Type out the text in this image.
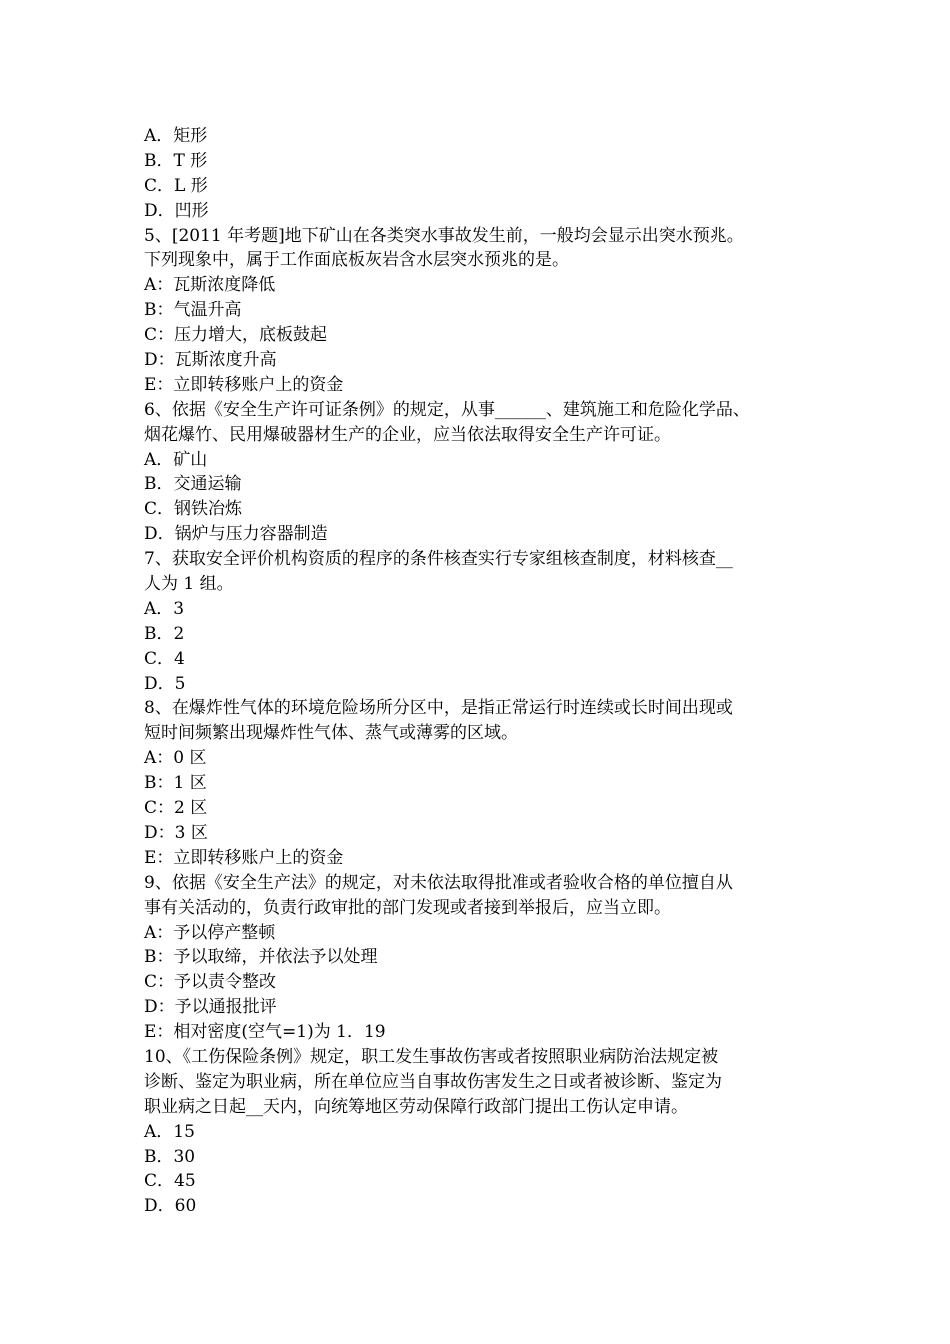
A．矩形
B．T 形
C．L 形
D．凹形
5、[2011 年考题]地下矿山在各类突水事故发生前，一般均会显示出突水预兆。
下列现象中，属于工作面底板灰岩含水层突水预兆的是。
A：瓦斯浓度降低
B：气温升高
C：压力增大，底板鼓起
D：瓦斯浓度升高
E：立即转移账户上的资金
6、依据《安全生产许可证条例》的规定，从事______、建筑施工和危险化学品、
烟花爆竹、民用爆破器材生产的企业，应当依法取得安全生产许可证。
A．矿山
B．交通运输
C．钢铁冶炼
D．锅炉与压力容器制造
7、获取安全评价机构资质的程序的条件核查实行专家组核查制度，材料核查__
人为 1 组。
A．3
B．2
C．4
D．5
8、在爆炸性气体的环境危险场所分区中，是指正常运行时连续或长时间出现或
短时间频繁出现爆炸性气体、蒸气或薄雾的区域。
A：0 区
B：1 区
C：2 区
D：3 区
E：立即转移账户上的资金
9、依据《安全生产法》的规定，对未依法取得批准或者验收合格的单位擅自从
事有关活动的，负责行政审批的部门发现或者接到举报后，应当立即。
A：予以停产整顿
B：予以取缔，并依法予以处理
C：予以责令整改
D：予以通报批评
E：相对密度(空气=1)为 1．19
10、《工伤保险条例》规定，职工发生事故伤害或者按照职业病防治法规定被
诊断、鉴定为职业病，所在单位应当自事故伤害发生之日或者被诊断、鉴定为
职业病之日起__天内，向统筹地区劳动保障行政部门提出工伤认定申请。
A．15
B．30
C．45
D．60
